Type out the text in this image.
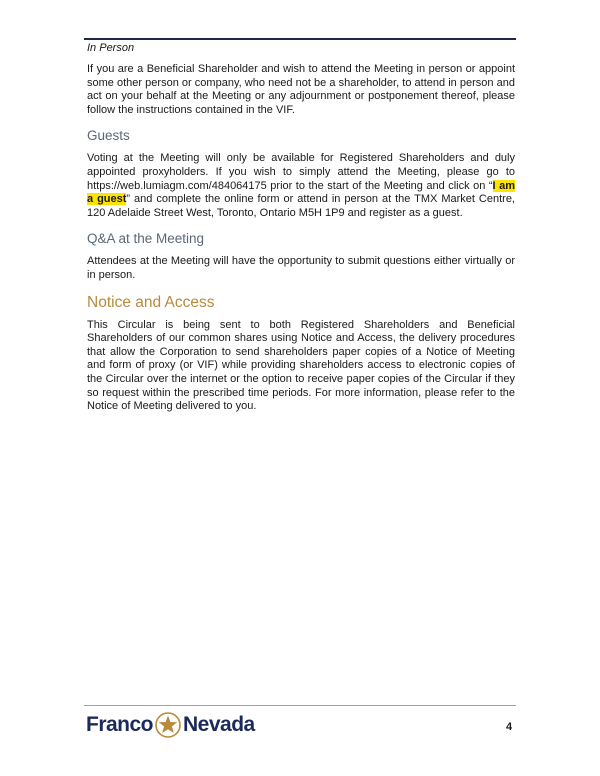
In Person

If you are a Beneficial Shareholder and wish to attend the Meeting in person or appoint some other person or company, who need not be a shareholder, to attend in person and act on your behalf at the Meeting or any adjournment or postponement thereof, please follow the instructions contained in the VIF.

Guests

Voting at the Meeting will only be available for Registered Shareholders and duly appointed proxyholders. If you wish to simply attend the Meeting, please go to https://web.lumiagm.com/484064175 prior to the start of the Meeting and click on “I am a guest” and complete the online form or attend in person at the TMX Market Centre, 120 Adelaide Street West, Toronto, Ontario M5H 1P9 and register as a guest.

Q&A at the Meeting

Attendees at the Meeting will have the opportunity to submit questions either virtually or in person.

Notice and Access

This Circular is being sent to both Registered Shareholders and Beneficial Shareholders of our common shares using Notice and Access, the delivery procedures that allow the Corporation to send shareholders paper copies of a Notice of Meeting and form of proxy (or VIF) while providing shareholders access to electronic copies of the Circular over the internet or the option to receive paper copies of the Circular if they so request within the prescribed time periods. For more information, please refer to the Notice of Meeting delivered to you.

Franco Nevada	4
